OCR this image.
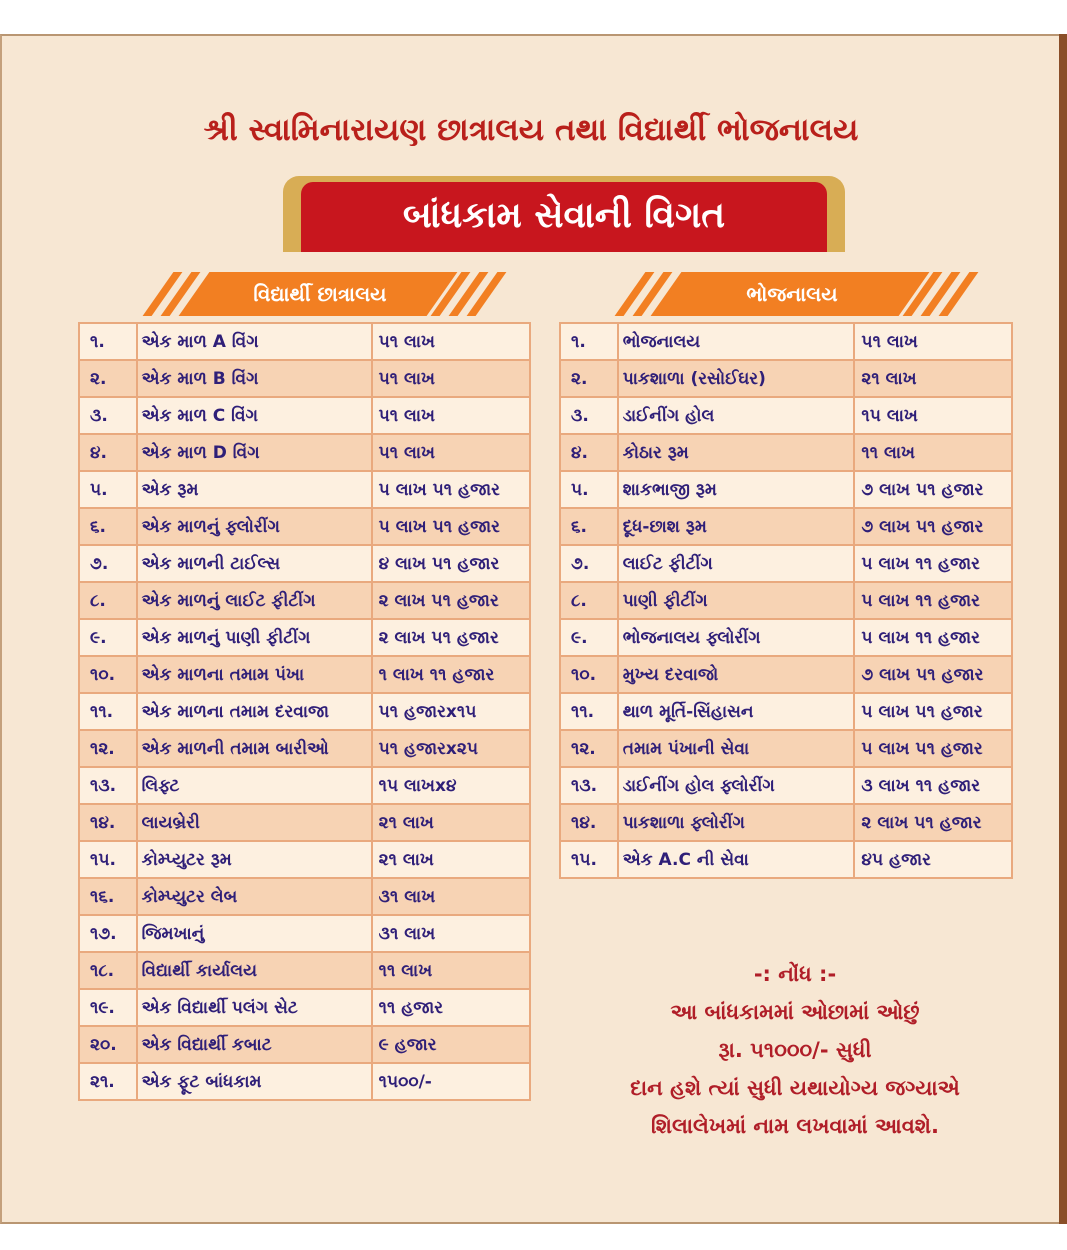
શ્રી સ્વામિનારાયણ છાત્રાલય તથા વિદ્યાર્થી ભોજનાલય
બાંધકામ સેવાની વિગત
વિદ્યાર્થી છાત્રાલય	ભોજનાલય
૧.	એક માળ A વિંગ	૫૧ લાખ
૨.	એક માળ B વિંગ	૫૧ લાખ
૩.	એક માળ C વિંગ	૫૧ લાખ
૪.	એક માળ D વિંગ	૫૧ લાખ
૫.	એક રૂમ	૫ લાખ ૫૧ હજાર
૬.	એક માળનું ફ્લોરીંગ	૫ લાખ ૫૧ હજાર
૭.	એક માળની ટાઈલ્સ	૪ લાખ ૫૧ હજાર
૮.	એક માળનું લાઈટ ફીટીંગ	૨ લાખ ૫૧ હજાર
૯.	એક માળનું પાણી ફીટીંગ	૨ લાખ ૫૧ હજાર
૧૦.	એક માળના તમામ પંખા	૧ લાખ ૧૧ હજાર
૧૧.	એક માળના તમામ દરવાજા	૫૧ હજારx૧૫
૧૨.	એક માળની તમામ બારીઓ	૫૧ હજારx૨૫
૧૩.	લિફ્ટ	૧૫ લાખx૪
૧૪.	લાયબ્રેરી	૨૧ લાખ
૧૫.	કોમ્પ્યુટર રૂમ	૨૧ લાખ
૧૬.	કોમ્પ્યુટર લેબ	૩૧ લાખ
૧૭.	જિમખાનું	૩૧ લાખ
૧૮.	વિદ્યાર્થી કાર્યાલય	૧૧ લાખ
૧૯.	એક વિદ્યાર્થી પલંગ સેટ	૧૧ હજાર
૨૦.	એક વિદ્યાર્થી કબાટ	૯ હજાર
૨૧.	એક ફૂટ બાંધકામ	૧૫૦૦/-
૧.	ભોજનાલય	૫૧ લાખ
૨.	પાકશાળા (રસોઈઘર)	૨૧ લાખ
૩.	ડાઈનીંગ હોલ	૧૫ લાખ
૪.	કોઠાર રૂમ	૧૧ લાખ
૫.	શાકભાજી રૂમ	૭ લાખ ૫૧ હજાર
૬.	દૂધ-છાશ રૂમ	૭ લાખ ૫૧ હજાર
૭.	લાઈટ ફીટીંગ	૫ લાખ ૧૧ હજાર
૮.	પાણી ફીટીંગ	૫ લાખ ૧૧ હજાર
૯.	ભોજનાલય ફ્લોરીંગ	૫ લાખ ૧૧ હજાર
૧૦.	મુખ્ય દરવાજો	૭ લાખ ૫૧ હજાર
૧૧.	થાળ મૂર્તિ-સિંહાસન	૫ લાખ ૫૧ હજાર
૧૨.	તમામ પંખાની સેવા	૫ લાખ ૫૧ હજાર
૧૩.	ડાઈનીંગ હોલ ફ્લોરીંગ	૩ લાખ ૧૧ હજાર
૧૪.	પાકશાળા ફ્લોરીંગ	૨ લાખ ૫૧ હજાર
૧૫.	એક A.C ની સેવા	૪૫ હજાર
-: નોંધ :-
આ બાંધકામમાં ઓછામાં ઓછું
રૂા. ૫૧૦૦૦/- સુધી
દાન હશે ત્યાં સુધી યથાયોગ્ય જગ્યાએ
શિલાલેખમાં નામ લખવામાં આવશે.
